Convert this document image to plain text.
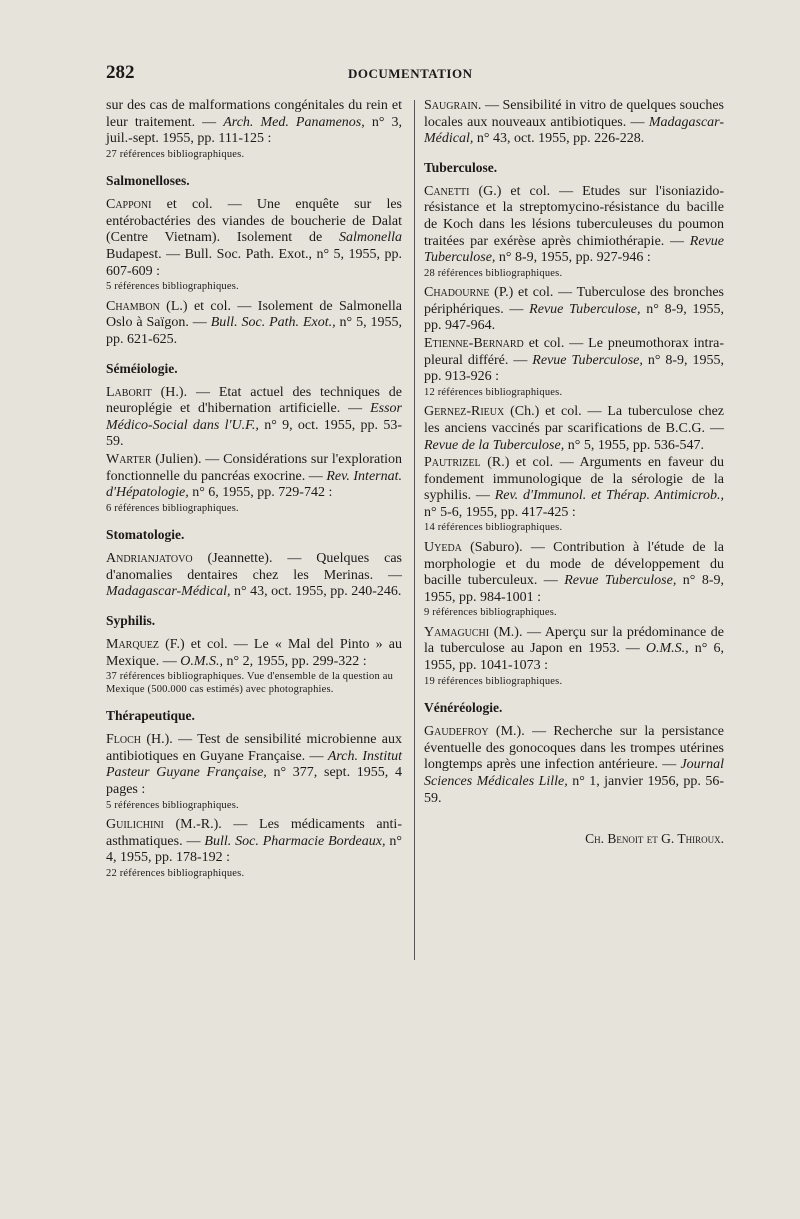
282	DOCUMENTATION
sur des cas de malformations congénitales du rein et leur traitement. — Arch. Med. Panamenos, n° 3, juil.-sept. 1955, pp. 111-125 :
27 références bibliographiques.
Salmonelloses.
Capponi et col. — Une enquête sur les entérobactéries des viandes de boucherie de Dalat (Centre Vietnam). Isolement de Salmonella Budapest. — Bull. Soc. Path. Exot., n° 5, 1955, pp. 607-609 :
5 références bibliographiques.
Chambon (L.) et col. — Isolement de Salmonella Oslo à Saïgon. — Bull. Soc. Path. Exot., n° 5, 1955, pp. 621-625.
Séméiologie.
Laborit (H.). — Etat actuel des techniques de neuroplégie et d'hibernation artificielle. — Essor Médico-Social dans l'U.F., n° 9, oct. 1955, pp. 53-59.
Warter (Julien). — Considérations sur l'exploration fonctionnelle du pancréas exocrine. — Rev. Internat. d'Hépatologie, n° 6, 1955, pp. 729-742 :
6 références bibliographiques.
Stomatologie.
Andrianjatovo (Jeannette). — Quelques cas d'anomalies dentaires chez les Merinas. — Madagascar-Médical, n° 43, oct. 1955, pp. 240-246.
Syphilis.
Marquez (F.) et col. — Le « Mal del Pinto » au Mexique. — O.M.S., n° 2, 1955, pp. 299-322 :
37 références bibliographiques. Vue d'ensemble de la question au Mexique (500.000 cas estimés) avec photographies.
Thérapeutique.
Floch (H.). — Test de sensibilité microbienne aux antibiotiques en Guyane Française. — Arch. Institut Pasteur Guyane Française, n° 377, sept. 1955, 4 pages :
5 références bibliographiques.
Guilichini (M.-R.). — Les médicaments anti-asthmatiques. — Bull. Soc. Pharmacie Bordeaux, n° 4, 1955, pp. 178-192 :
22 références bibliographiques.
Saugrain. — Sensibilité in vitro de quelques souches locales aux nouveaux antibiotiques. — Madagascar-Médical, n° 43, oct. 1955, pp. 226-228.
Tuberculose.
Canetti (G.) et col. — Etudes sur l'isoniazido-résistance et la streptomycino-résistance du bacille de Koch dans les lésions tuberculeuses du poumon traitées par exérèse après chimiothérapie. — Revue Tuberculose, n° 8-9, 1955, pp. 927-946 :
28 références bibliographiques.
Chadourne (P.) et col. — Tuberculose des bronches périphériques. — Revue Tuberculose, n° 8-9, 1955, pp. 947-964.
Etienne-Bernard et col. — Le pneumothorax intra-pleural différé. — Revue Tuberculose, n° 8-9, 1955, pp. 913-926 :
12 références bibliographiques.
Gernez-Rieux (Ch.) et col. — La tuberculose chez les anciens vaccinés par scarifications de B.C.G. — Revue de la Tuberculose, n° 5, 1955, pp. 536-547.
Pautrizel (R.) et col. — Arguments en faveur du fondement immunologique de la sérologie de la syphilis. — Rev. d'Immunol. et Thérap. Antimicrob., n° 5-6, 1955, pp. 417-425 :
14 références bibliographiques.
Uyeda (Saburo). — Contribution à l'étude de la morphologie et du mode de développement du bacille tuberculeux. — Revue Tuberculose, n° 8-9, 1955, pp. 984-1001 :
9 références bibliographiques.
Yamaguchi (M.). — Aperçu sur la prédominance de la tuberculose au Japon en 1953. — O.M.S., n° 6, 1955, pp. 1041-1073 :
19 références bibliographiques.
Vénéréologie.
Gaudefroy (M.). — Recherche sur la persistance éventuelle des gonocoques dans les trompes utérines longtemps après une infection antérieure. — Journal Sciences Médicales Lille, n° 1, janvier 1956, pp. 56-59.
Ch. Benoit et G. Thiroux.
